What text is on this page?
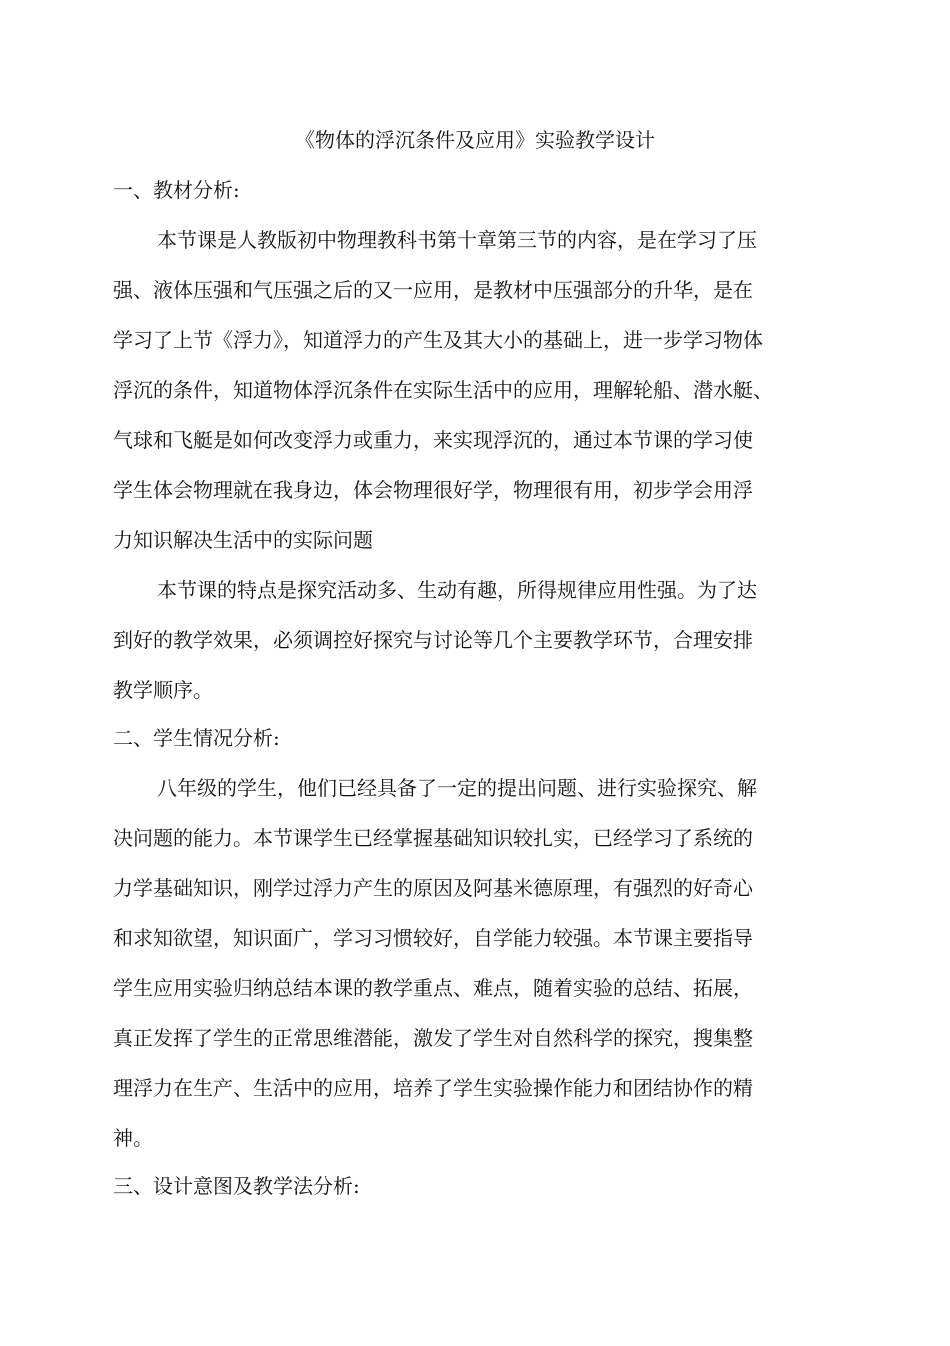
《物体的浮沉条件及应用》实验教学设计
一、教材分析:
本节课是人教版初中物理教科书第十章第三节的内容，是在学习了压
强、液体压强和气压强之后的又一应用，是教材中压强部分的升华，是在
学习了上节《浮力》，知道浮力的产生及其大小的基础上，进一步学习物体
浮沉的条件，知道物体浮沉条件在实际生活中的应用，理解轮船、潜水艇、
气球和飞艇是如何改变浮力或重力，来实现浮沉的，通过本节课的学习使
学生体会物理就在我身边，体会物理很好学，物理很有用，初步学会用浮
力知识解决生活中的实际问题
本节课的特点是探究活动多、生动有趣，所得规律应用性强。为了达
到好的教学效果，必须调控好探究与讨论等几个主要教学环节，合理安排
教学顺序。
二、学生情况分析:
八年级的学生，他们已经具备了一定的提出问题、进行实验探究、解
决问题的能力。本节课学生已经掌握基础知识较扎实，已经学习了系统的
力学基础知识，刚学过浮力产生的原因及阿基米德原理，有强烈的好奇心
和求知欲望，知识面广，学习习惯较好，自学能力较强。本节课主要指导
学生应用实验归纳总结本课的教学重点、难点，随着实验的总结、拓展，
真正发挥了学生的正常思维潜能，激发了学生对自然科学的探究，搜集整
理浮力在生产、生活中的应用，培养了学生实验操作能力和团结协作的精
神。
三、设计意图及教学法分析:
